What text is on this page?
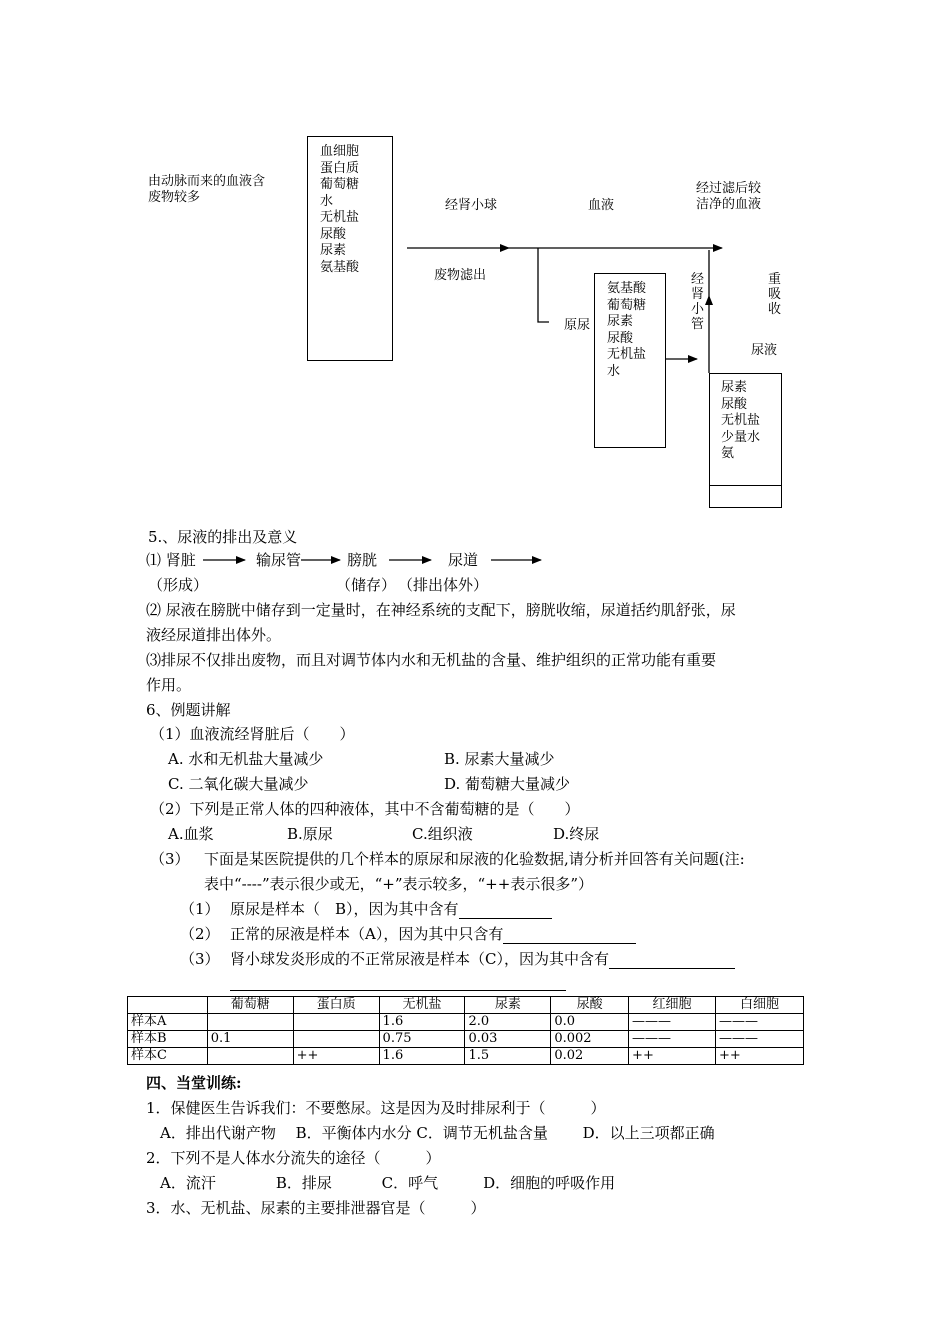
由动脉而来的血液含
废物较多
血细胞
蛋白质
葡萄糖
水
无机盐
尿酸
尿素
氨基酸
经肾小球	血液
经过滤后较
洁净的血液
废物滤出
原尿
氨基酸
葡萄糖
尿素
尿酸
无机盐
水
经
肾
小
管
重
吸
收
尿液
尿素
尿酸
无机盐
少量水
氨
5.、尿液的排出及意义
⑴ 肾脏	输尿管	膀胱	尿道
（形成）	（储存） （排出体外）
⑵ 尿液在膀胱中储存到一定量时，在神经系统的支配下，膀胱收缩，尿道括约肌舒张，尿
液经尿道排出体外。
⑶排尿不仅排出废物，而且对调节体内水和无机盐的含量、维护组织的正常功能有重要
作用。
6、例题讲解
（1）血液流经肾脏后（　　）
A. 水和无机盐大量减少	B. 尿素大量减少
C. 二氧化碳大量减少	D. 葡萄糖大量减少
（2）下列是正常人体的四种液体，其中不含葡萄糖的是（　　）
A.血浆	B.原尿	C.组织液	D.终尿
（3） 下面是某医院提供的几个样本的原尿和尿液的化验数据,请分析并回答有关问题(注:
表中“----”表示很少或无，“+”表示较多，“++表示很多”）
（1） 原尿是样本（　B），因为其中含有
（2） 正常的尿液是样本（A），因为其中只含有
（3） 肾小球发炎形成的不正常尿液是样本（C），因为其中含有
	葡萄糖	蛋白质	无机盐	尿素	尿酸	红细胞	白细胞
样本A			1.6	2.0	0.0	———	———
样本B	0.1		0.75	0.03	0.002	———	———
样本C		++	1.6	1.5	0.02	++	++
四、当堂训练:
1．保健医生告诉我们：不要憋尿。这是因为及时排尿利于（　　　）
A．排出代谢产物　 B．平衡体内水分 C．调节无机盐含量 　　D．以上三项都正确
2．下列不是人体水分流失的途径（　　　）
A．流汗　　　　B．排尿　　　 C．呼气　　　D．细胞的呼吸作用
3．水、无机盐、尿素的主要排泄器官是（　　　）
